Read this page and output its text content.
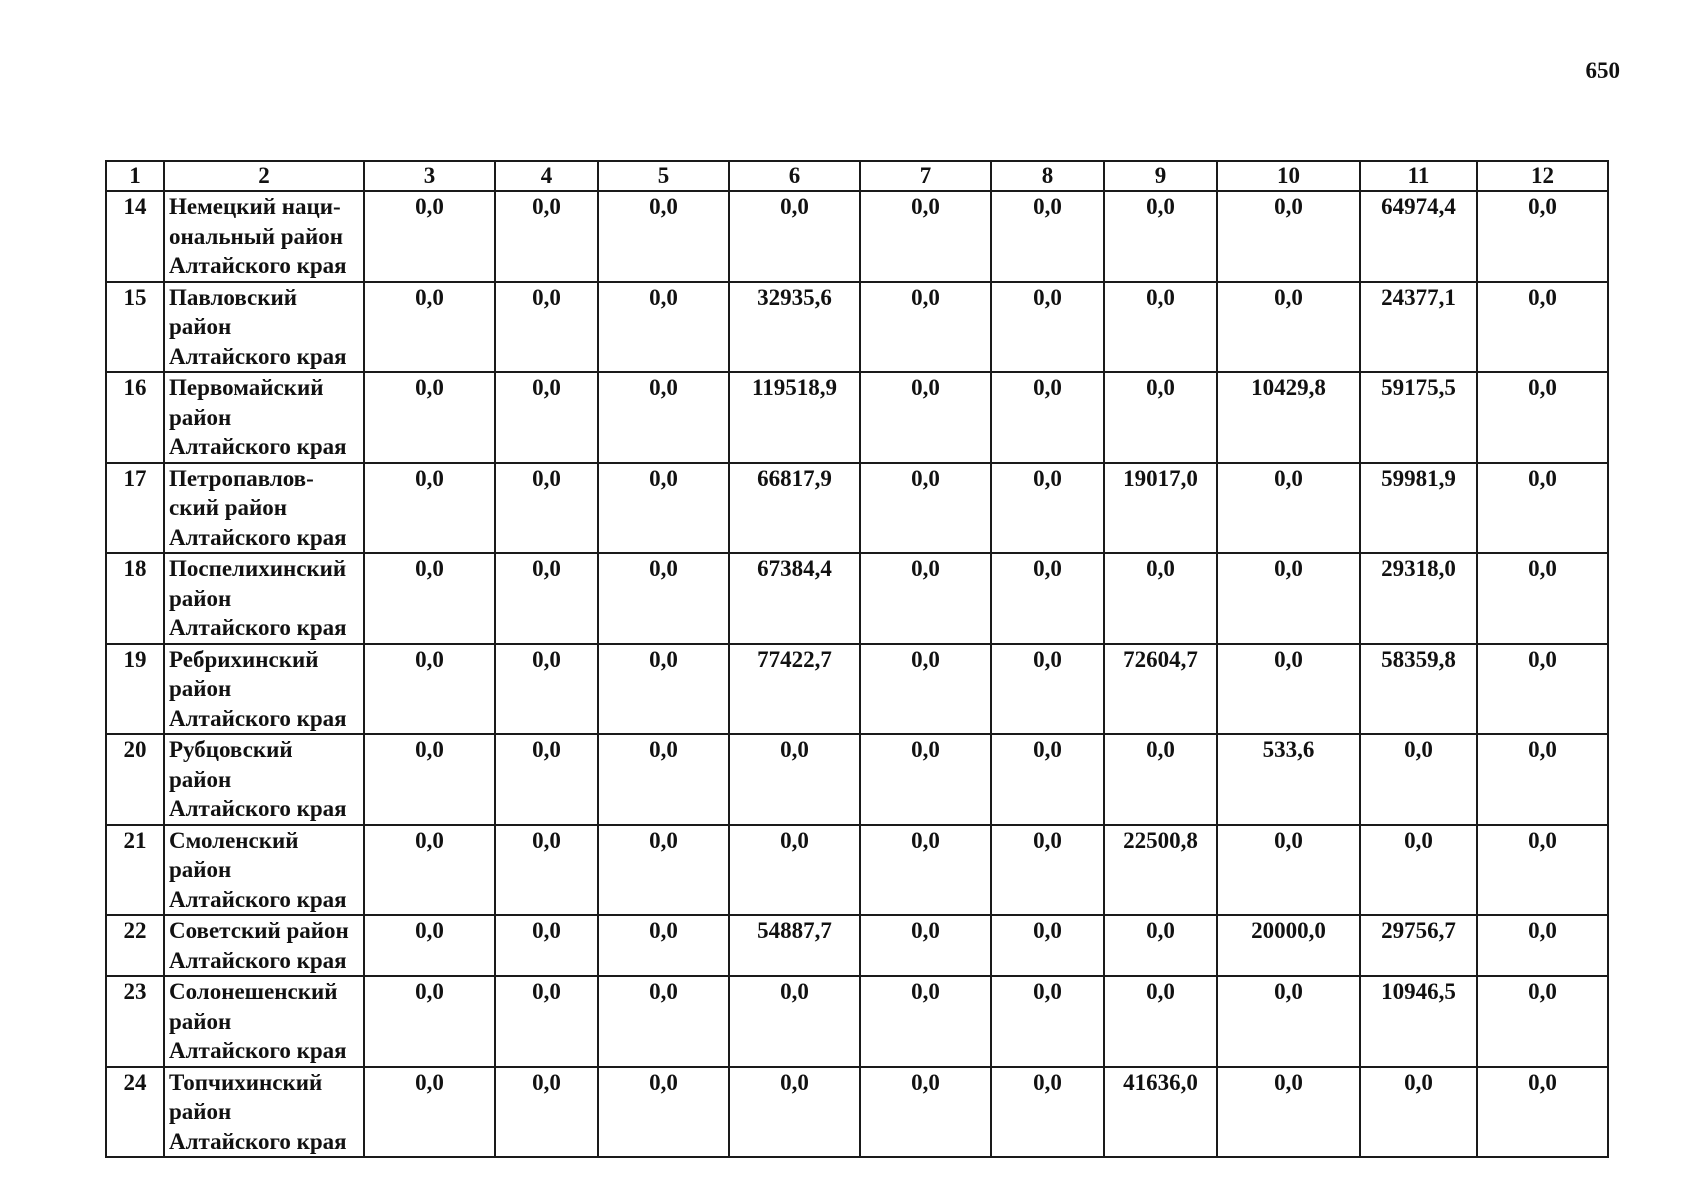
650
1	2	3	4	5	6	7	8	9	10	11	12
14	Немецкий наци-
ональный район
Алтайского края	0,0	0,0	0,0	0,0	0,0	0,0	0,0	0,0	64974,4	0,0
15	Павловский
район
Алтайского края	0,0	0,0	0,0	32935,6	0,0	0,0	0,0	0,0	24377,1	0,0
16	Первомайский
район
Алтайского края	0,0	0,0	0,0	119518,9	0,0	0,0	0,0	10429,8	59175,5	0,0
17	Петропавлов-
ский район
Алтайского края	0,0	0,0	0,0	66817,9	0,0	0,0	19017,0	0,0	59981,9	0,0
18	Поспелихинский
район
Алтайского края	0,0	0,0	0,0	67384,4	0,0	0,0	0,0	0,0	29318,0	0,0
19	Ребрихинский
район
Алтайского края	0,0	0,0	0,0	77422,7	0,0	0,0	72604,7	0,0	58359,8	0,0
20	Рубцовский
район
Алтайского края	0,0	0,0	0,0	0,0	0,0	0,0	0,0	533,6	0,0	0,0
21	Смоленский
район
Алтайского края	0,0	0,0	0,0	0,0	0,0	0,0	22500,8	0,0	0,0	0,0
22	Советский район
Алтайского края	0,0	0,0	0,0	54887,7	0,0	0,0	0,0	20000,0	29756,7	0,0
23	Солонешенский
район
Алтайского края	0,0	0,0	0,0	0,0	0,0	0,0	0,0	0,0	10946,5	0,0
24	Топчихинский
район
Алтайского края	0,0	0,0	0,0	0,0	0,0	0,0	41636,0	0,0	0,0	0,0
